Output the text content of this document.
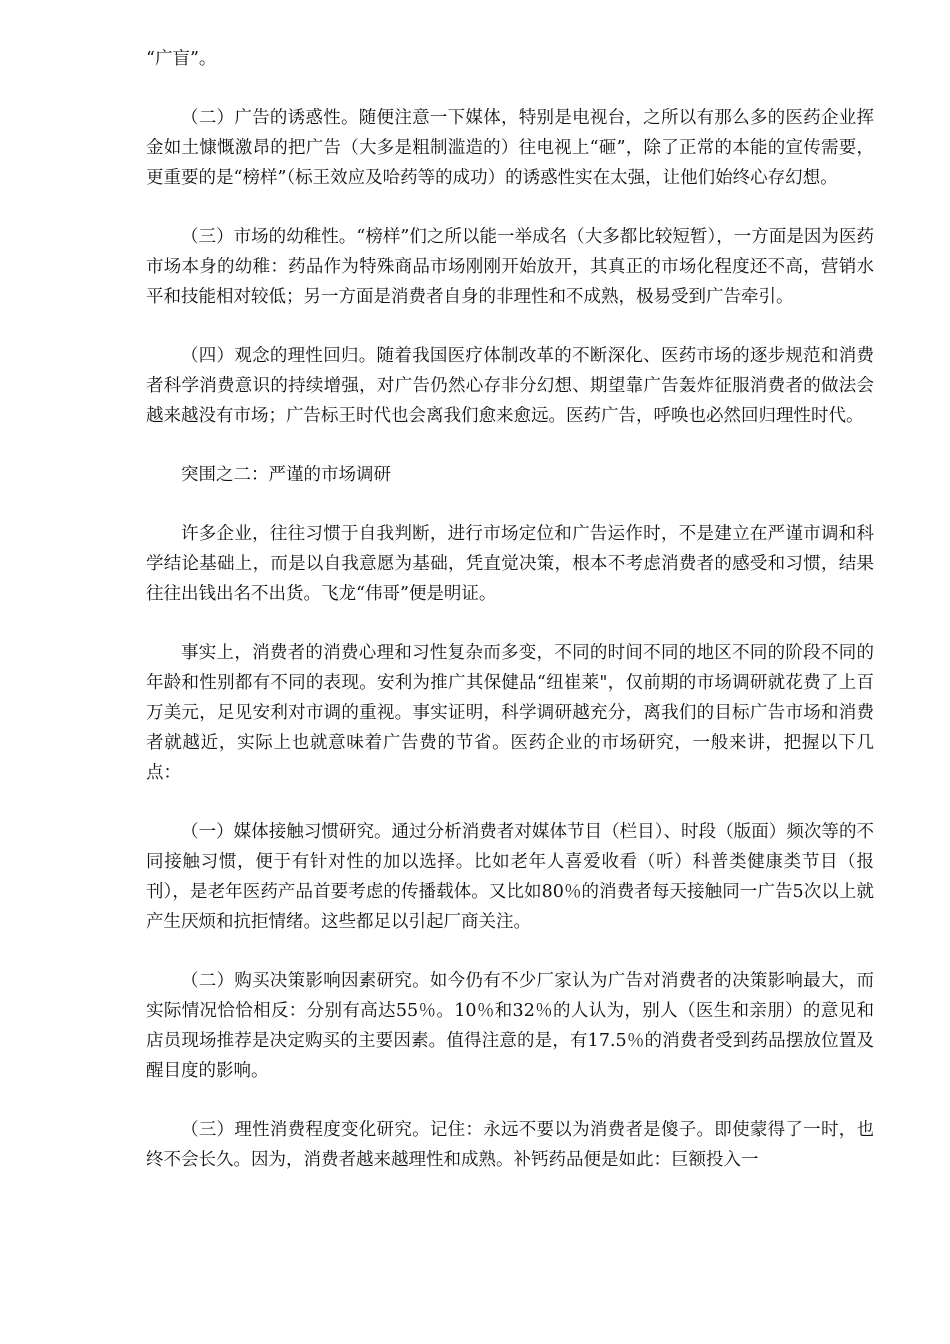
“广盲”。

（二）广告的诱惑性。随便注意一下媒体，特别是电视台，之所以有那么多的医药企业挥金如土慷慨激昂的把广告（大多是粗制滥造的）往电视上“砸”，除了正常的本能的宣传需要，更重要的是“榜样”（标王效应及哈药等的成功）的诱惑性实在太强，让他们始终心存幻想。

（三）市场的幼稚性。“榜样”们之所以能一举成名（大多都比较短暂），一方面是因为医药市场本身的幼稚：药品作为特殊商品市场刚刚开始放开，其真正的市场化程度还不高，营销水平和技能相对较低；另一方面是消费者自身的非理性和不成熟，极易受到广告牵引。

（四）观念的理性回归。随着我国医疗体制改革的不断深化、医药市场的逐步规范和消费者科学消费意识的持续增强，对广告仍然心存非分幻想、期望靠广告轰炸征服消费者的做法会越来越没有市场；广告标王时代也会离我们愈来愈远。医药广告，呼唤也必然回归理性时代。

突围之二：严谨的市场调研

许多企业，往往习惯于自我判断，进行市场定位和广告运作时，不是建立在严谨市调和科学结论基础上，而是以自我意愿为基础，凭直觉决策，根本不考虑消费者的感受和习惯，结果往往出钱出名不出货。飞龙“伟哥”便是明证。

事实上，消费者的消费心理和习性复杂而多变，不同的时间不同的地区不同的阶段不同的年龄和性别都有不同的表现。安利为推广其保健品“纽崔莱"，仅前期的市场调研就花费了上百万美元，足见安利对市调的重视。事实证明，科学调研越充分，离我们的目标广告市场和消费者就越近，实际上也就意味着广告费的节省。医药企业的市场研究，一般来讲，把握以下几点：

（一）媒体接触习惯研究。通过分析消费者对媒体节目（栏目）、时段（版面）频次等的不同接触习惯，便于有针对性的加以选择。比如老年人喜爱收看（听）科普类健康类节目（报刊），是老年医药产品首要考虑的传播载体。又比如80％的消费者每天接触同一广告5次以上就产生厌烦和抗拒情绪。这些都足以引起厂商关注。

（二）购买决策影响因素研究。如今仍有不少厂家认为广告对消费者的决策影响最大，而实际情况恰恰相反：分别有高达55％。10％和32％的人认为，别人（医生和亲朋）的意见和店员现场推荐是决定购买的主要因素。值得注意的是，有17.5％的消费者受到药品摆放位置及醒目度的影响。

（三）理性消费程度变化研究。记住：永远不要以为消费者是傻子。即使蒙得了一时，也终不会长久。因为，消费者越来越理性和成熟。补钙药品便是如此：巨额投入一
